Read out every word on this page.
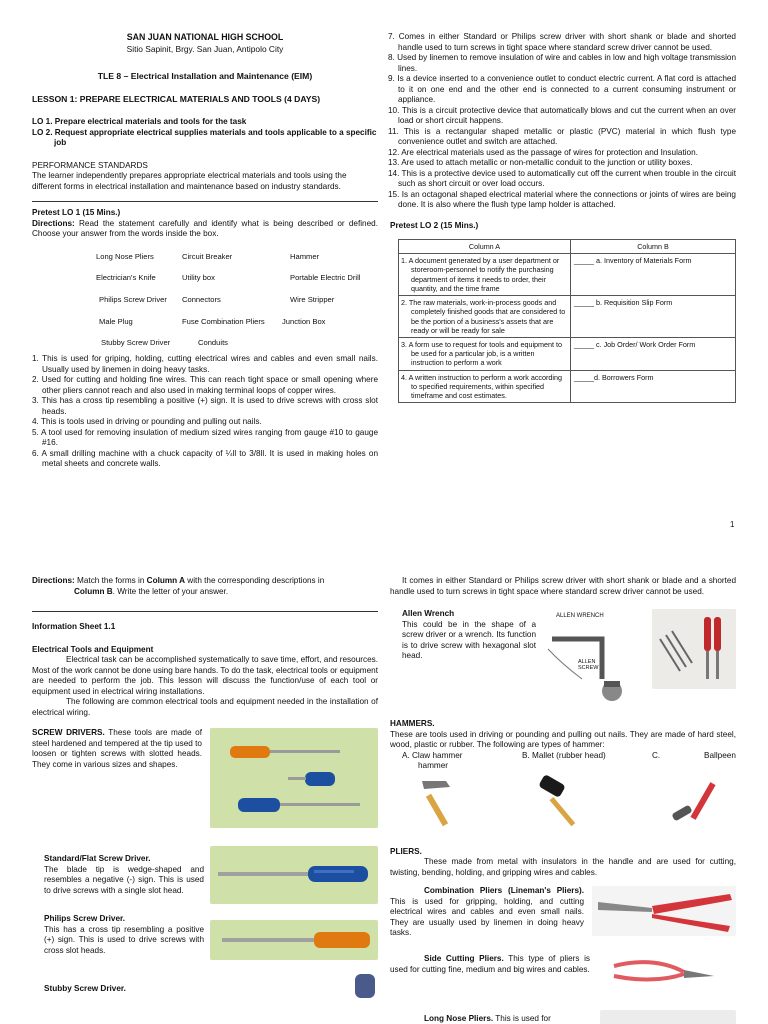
SAN JUAN NATIONAL HIGH SCHOOL
Sitio Sapinit, Brgy. San Juan, Antipolo City
TLE 8 – Electrical Installation and Maintenance (EIM)
LESSON 1: PREPARE ELECTRICAL MATERIALS AND TOOLS (4 DAYS)
LO 1. Prepare electrical materials and tools for the task
LO 2. Request appropriate electrical supplies materials and tools applicable to a specific job
PERFORMANCE STANDARDS
The learner independently prepares appropriate electrical materials and tools using the different forms in electrical installation and maintenance based on industry standards.
Pretest LO 1 (15 Mins.)
Directions: Read the statement carefully and identify what is being described or defined. Choose your answer from the words inside the box.
Long Nose Pliers	Circuit Breaker	Hammer
Electrician's Knife	Utility box	Portable Electric Drill
Philips Screw Driver	Connectors	Wire Stripper
Male Plug	Fuse Combination Pliers	Junction Box
Stubby Screw Driver	Conduits
1. This is used for griping, holding, cutting electrical wires and cables and even small nails. Usually used by linemen in doing heavy tasks.
2. Used for cutting and holding fine wires. This can reach tight space or small opening where other pliers cannot reach and also used in making terminal loops of copper wires.
3. This has a cross tip resembling a positive (+) sign. It is used to drive screws with cross slot heads.
4. This is tools used in driving or pounding and pulling out nails.
5. A tool used for removing insulation of medium sized wires ranging from gauge #10 to gauge #16.
6. A small drilling machine with a chuck capacity of ¼ll to 3/8ll. It is used in making holes on metal sheets and concrete walls.
7. Comes in either Standard or Philips screw driver with short shank or blade and shorted handle used to turn screws in tight space where standard screw driver cannot be used.
8. Used by linemen to remove insulation of wire and cables in low and high voltage transmission lines.
9. Is a device inserted to a convenience outlet to conduct electric current. A flat cord is attached to it on one end and the other end is connected to a current consuming instrument or appliance.
10. This is a circuit protective device that automatically blows and cut the current when an over load or short circuit happens.
11. This is a rectangular shaped metallic or plastic (PVC) material in which flush type convenience outlet and switch are attached.
12. Are electrical materials used as the passage of wires for protection and Insulation.
13. Are used to attach metallic or non-metallic conduit to the junction or utility boxes.
14. This is a protective device used to automatically cut off the current when trouble in the circuit such as short circuit or over load occurs.
15. Is an octagonal shaped electrical material where the connections or joints of wires are being done. It is also where the flush type lamp holder is attached.
Pretest LO 2 (15 Mins.)
Column A	Column B
1. A document generated by a user department or storeroom-personnel to notify the purchasing department of items it needs to order, their quantity, and the time frame	_____ a. Inventory of Materials Form
2. The raw materials, work-in-process goods and completely finished goods that are considered to be the portion of a business's assets that are ready or will be ready for sale	_____ b. Requisition Slip Form
3. A form use to request for tools and equipment to be used for a particular job, is a written instruction to perform a work	_____ c. Job Order/ Work Order Form
4. A written instruction to perform a work according to specified requirements, within specified timeframe and cost estimates.	_____d. Borrowers Form
1
Directions: Match the forms in Column A with the corresponding descriptions in
Column B. Write the letter of your answer.
Information Sheet 1.1
Electrical Tools and Equipment

Electrical task can be accomplished systematically to save time, effort, and resources. Most of the work cannot be done using bare hands. To do the task, electrical tools or equipment are needed to perform the job. This lesson will discuss the function/use of each tool or equipment used in electrical wiring installations.

The following are common electrical tools and equipment needed in the installation of electrical wiring.

SCREW DRIVERS. These tools are made of steel hardened and tempered at the tip used to loosen or tighten screws with slotted heads. They come in various sizes and shapes.
Standard/Flat Screw Driver.
The blade tip is wedge-shaped and resembles a negative (-) sign. This is used to drive screws with a single slot head.
Philips Screw Driver.
This has a cross tip resembling a positive (+) sign. This is used to drive screws with cross slot heads.
Stubby Screw Driver.

It comes in either Standard or Philips screw driver with short shank or blade and a shorted handle used to turn screws in tight space where standard screw driver cannot be used.

Allen Wrench
This could be in the shape of a screw driver or a wrench. Its function is to drive screw with hexagonal slot head.
ALLEN WRENCH
ALLEN SCREW
HAMMERS.

These are tools used in driving or pounding and pulling out nails. They are made of hard steel, wood, plastic or rubber. The following are types of hammer:

A. Claw hammer	B. Mallet (rubber head)	C.	Ballpeen
hammer
PLIERS.

These made from metal with insulators in the handle and are used for cutting, twisting, bending, holding, and gripping wires and cables.

Combination Pliers (Lineman's Pliers). This is used for gripping, holding, and cutting electrical wires and cables and even small nails. They are usually used by linemen in doing heavy tasks.
Side Cutting Pliers. This type of pliers is used for cutting fine, medium and big wires and cables.
Long Nose Pliers. This is used for
